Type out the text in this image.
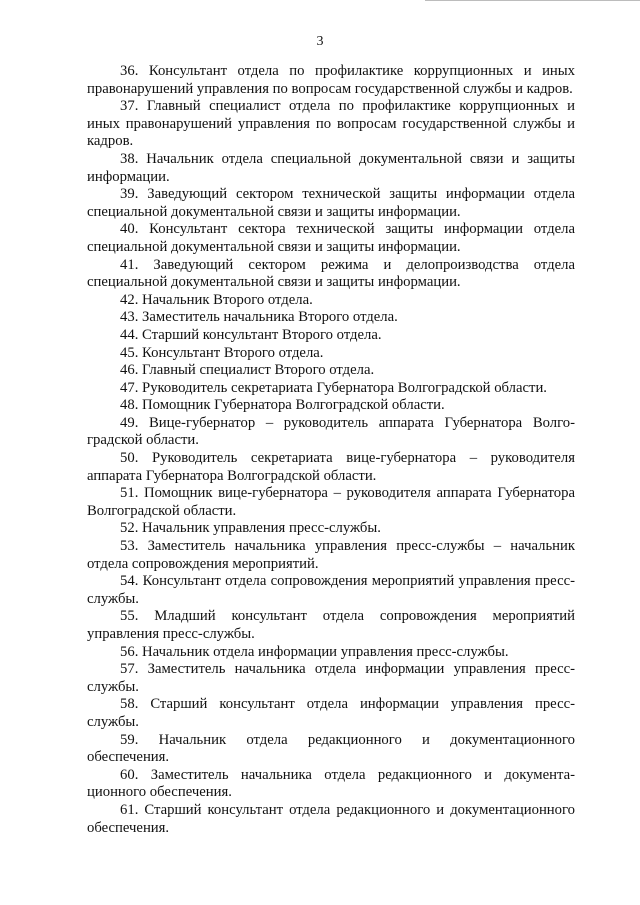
3

36. Консультант отдела по профилактике коррупционных и иных правонарушений управления по вопросам государственной службы и кадров.

37. Главный специалист отдела по профилактике коррупционных и иных правонарушений управления по вопросам государственной службы и кадров.

38. Начальник отдела специальной документальной связи и защиты информации.

39. Заведующий сектором технической защиты информации отдела специальной документальной связи и защиты информации.

40. Консультант сектора технической защиты информации отдела специальной документальной связи и защиты информации.

41. Заведующий сектором режима и делопроизводства отдела специальной документальной связи и защиты информации.

42. Начальник Второго отдела.

43. Заместитель начальника Второго отдела.

44. Старший консультант Второго отдела.

45. Консультант Второго отдела.

46. Главный специалист Второго отдела.

47. Руководитель секретариата Губернатора Волгоградской области.

48. Помощник Губернатора Волгоградской области.

49. Вице-губернатор – руководитель аппарата Губернатора Волгоградской области.

50. Руководитель секретариата вице-губернатора – руководителя аппарата Губернатора Волгоградской области.

51. Помощник вице-губернатора – руководителя аппарата Губернатора Волгоградской области.

52. Начальник управления пресс-службы.

53. Заместитель начальника управления пресс-службы – начальник отдела сопровождения мероприятий.

54. Консультант отдела сопровождения мероприятий управления пресс-службы.

55. Младший консультант отдела сопровождения мероприятий управления пресс-службы.

56. Начальник отдела информации управления пресс-службы.

57. Заместитель начальника отдела информации управления пресс-службы.

58. Старший консультант отдела информации управления пресс-службы.

59. Начальник отдела редакционного и документационного обеспечения.

60. Заместитель начальника отдела редакционного и документационного обеспечения.

61. Старший консультант отдела редакционного и документационного обеспечения.
